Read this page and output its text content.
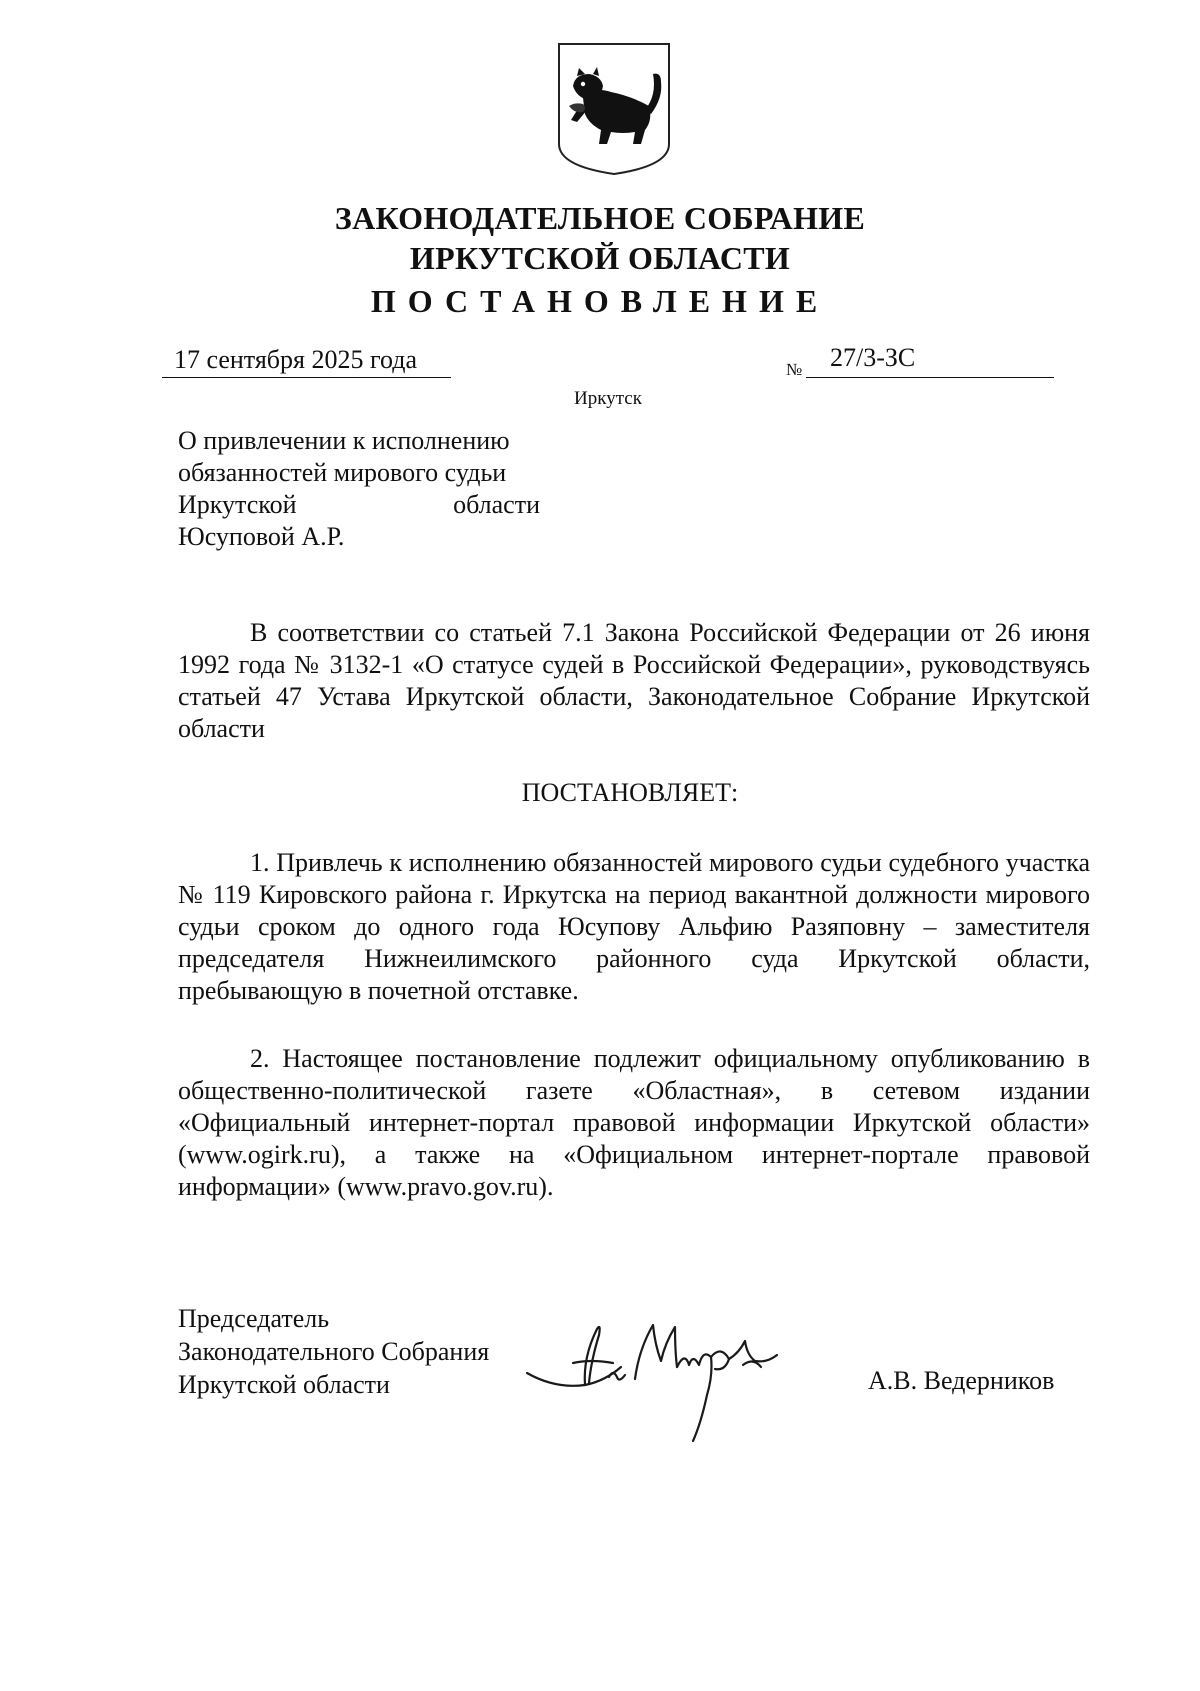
ЗАКОНОДАТЕЛЬНОЕ СОБРАНИЕ
ИРКУТСКОЙ ОБЛАСТИ
ПОСТАНОВЛЕНИЕ
17 сентября 2025 года	№	27/3-ЗС
Иркутск
О привлечении к исполнению
обязанностей мирового судьи
Иркутской области
Юсуповой А.Р.
В соответствии со статьей 7.1 Закона Российской Федерации от 26 июня 1992 года № 3132-1 «О статусе судей в Российской Федерации», руководствуясь статьей 47 Устава Иркутской области, Законодательное Собрание Иркутской области
ПОСТАНОВЛЯЕТ:
1. Привлечь к исполнению обязанностей мирового судьи судебного участка № 119 Кировского района г. Иркутска на период вакантной должности мирового судьи сроком до одного года Юсупову Альфию Разяповну – заместителя председателя Нижнеилимского районного суда Иркутской области, пребывающую в почетной отставке.
2. Настоящее постановление подлежит официальному опубликованию в общественно-политической газете «Областная», в сетевом издании «Официальный интернет-портал правовой информации Иркутской области» (www.ogirk.ru), а также на «Официальном интернет-портале правовой информации» (www.pravo.gov.ru).
Председатель
Законодательного Собрания
Иркутской области	А.В. Ведерников
